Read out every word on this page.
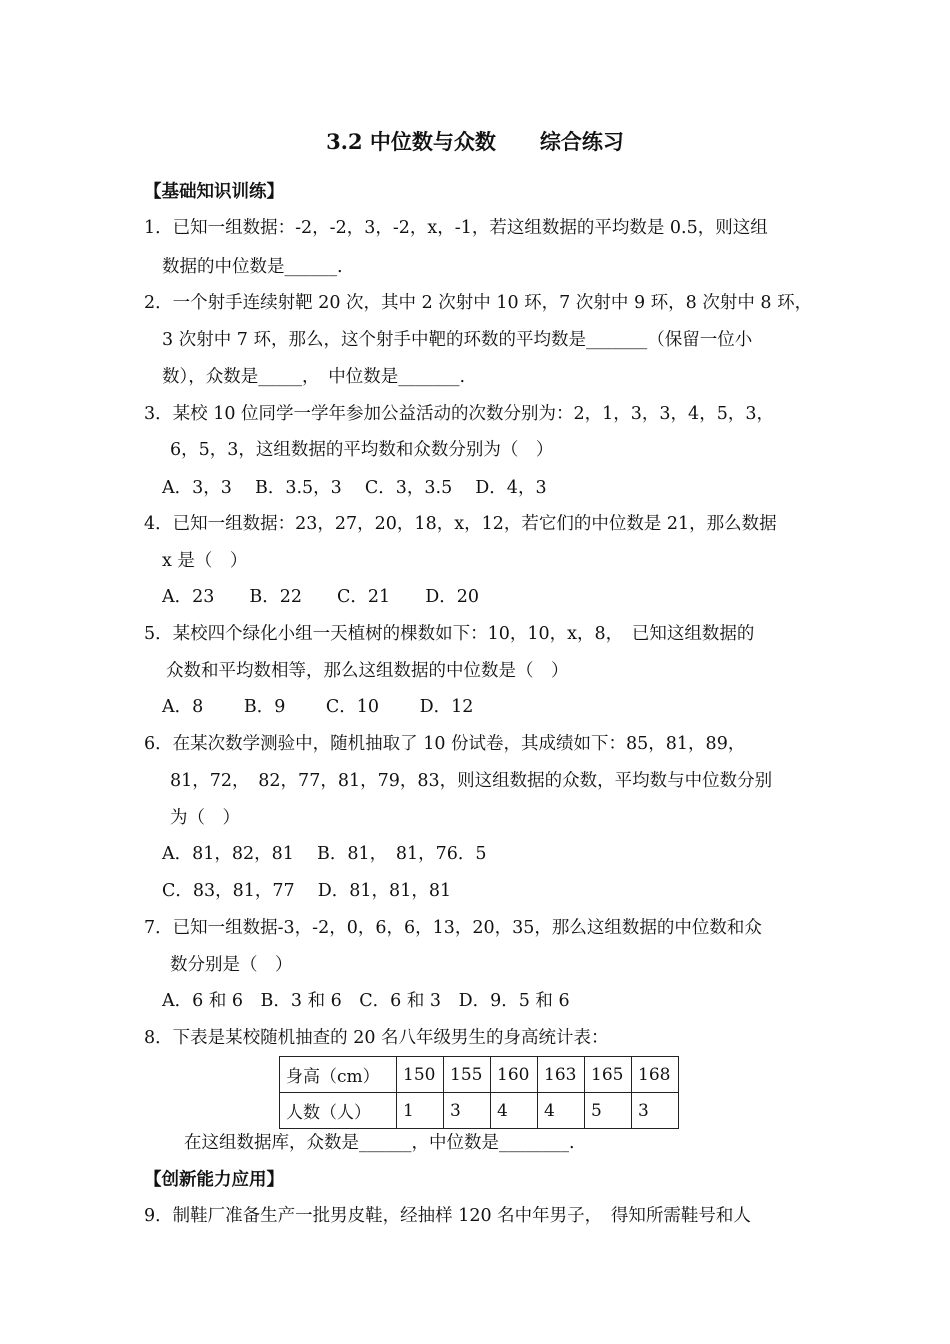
3.2 中位数与众数 综合练习
【基础知识训练】
1．已知一组数据：-2，-2，3，-2，x，-1，若这组数据的平均数是 0.5，则这组
数据的中位数是______.
2．一个射手连续射靶 20 次，其中 2 次射中 10 环，7 次射中 9 环，8 次射中 8 环，
3 次射中 7 环，那么，这个射手中靶的环数的平均数是_______（保留一位小
数），众数是_____，　中位数是_______.
3．某校 10 位同学一学年参加公益活动的次数分别为：2，1，3，3，4，5，3，
6，5，3，这组数据的平均数和众数分别为（　）
A．3，3　 B．3.5，3　 C．3，3.5　 D．4，3
4．已知一组数据：23，27，20，18，x，12，若它们的中位数是 21，那么数据
x 是（　）
A．23　　B．22　　C．21　　D．20
5．某校四个绿化小组一天植树的棵数如下：10，10，x，8，　已知这组数据的
众数和平均数相等，那么这组数据的中位数是（　）
A．8　　 B．9　　 C．10　　 D．12
6．在某次数学测验中，随机抽取了 10 份试卷，其成绩如下：85，81，89，
81，72，　82，77，81，79，83，则这组数据的众数，平均数与中位数分别
为（　）
A．81，82，81　 B．81，　81，76．5
C．83，81，77　 D．81，81，81
7．已知一组数据-3，-2，0，6，6，13，20，35，那么这组数据的中位数和众
数分别是（　）
A．6 和 6　B．3 和 6　C．6 和 3　D．9．5 和 6
8．下表是某校随机抽查的 20 名八年级男生的身高统计表：
身高（cm）	150	155	160	163	165	168
人数（人）	1	3	4	4	5	3
在这组数据库，众数是______，中位数是________.
【创新能力应用】
9．制鞋厂准备生产一批男皮鞋，经抽样 120 名中年男子，　得知所需鞋号和人
